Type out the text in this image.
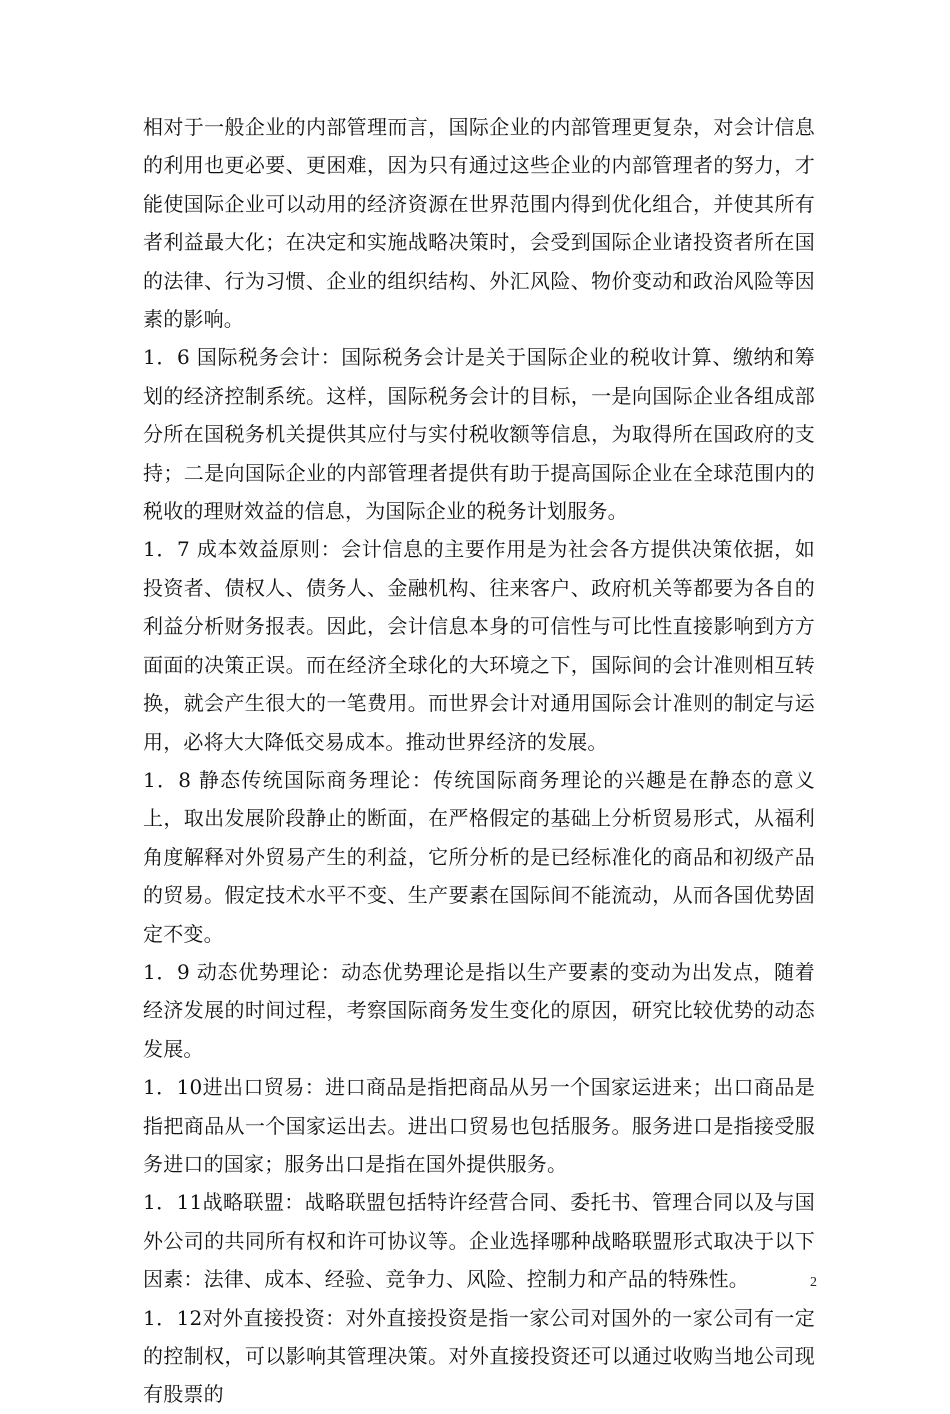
相对于一般企业的内部管理而言，国际企业的内部管理更复杂，对会计信息的利用也更必要、更困难，因为只有通过这些企业的内部管理者的努力，才能使国际企业可以动用的经济资源在世界范围内得到优化组合，并使其所有者利益最大化；在决定和实施战略决策时，会受到国际企业诸投资者所在国的法律、行为习惯、企业的组织结构、外汇风险、物价变动和政治风险等因素的影响。

1．6 国际税务会计：国际税务会计是关于国际企业的税收计算、缴纳和筹划的经济控制系统。这样，国际税务会计的目标，一是向国际企业各组成部分所在国税务机关提供其应付与实付税收额等信息，为取得所在国政府的支持；二是向国际企业的内部管理者提供有助于提高国际企业在全球范围内的税收的理财效益的信息，为国际企业的税务计划服务。

1．7 成本效益原则：会计信息的主要作用是为社会各方提供决策依据，如投资者、债权人、债务人、金融机构、往来客户、政府机关等都要为各自的利益分析财务报表。因此，会计信息本身的可信性与可比性直接影响到方方面面的决策正误。而在经济全球化的大环境之下，国际间的会计准则相互转换，就会产生很大的一笔费用。而世界会计对通用国际会计准则的制定与运用，必将大大降低交易成本。推动世界经济的发展。

1．8 静态传统国际商务理论：传统国际商务理论的兴趣是在静态的意义上，取出发展阶段静止的断面，在严格假定的基础上分析贸易形式，从福利角度解释对外贸易产生的利益，它所分析的是已经标准化的商品和初级产品的贸易。假定技术水平不变、生产要素在国际间不能流动，从而各国优势固定不变。

1．9 动态优势理论：动态优势理论是指以生产要素的变动为出发点，随着经济发展的时间过程，考察国际商务发生变化的原因，研究比较优势的动态发展。

1．10进出口贸易：进口商品是指把商品从另一个国家运进来；出口商品是指把商品从一个国家运出去。进出口贸易也包括服务。服务进口是指接受服务进口的国家；服务出口是指在国外提供服务。

1．11战略联盟：战略联盟包括特许经营合同、委托书、管理合同以及与国外公司的共同所有权和许可协议等。企业选择哪种战略联盟形式取决于以下因素：法律、成本、经验、竞争力、风险、控制力和产品的特殊性。

1．12对外直接投资：对外直接投资是指一家公司对国外的一家公司有一定的控制权，可以影响其管理决策。对外直接投资还可以通过收购当地公司现有股票的

2
